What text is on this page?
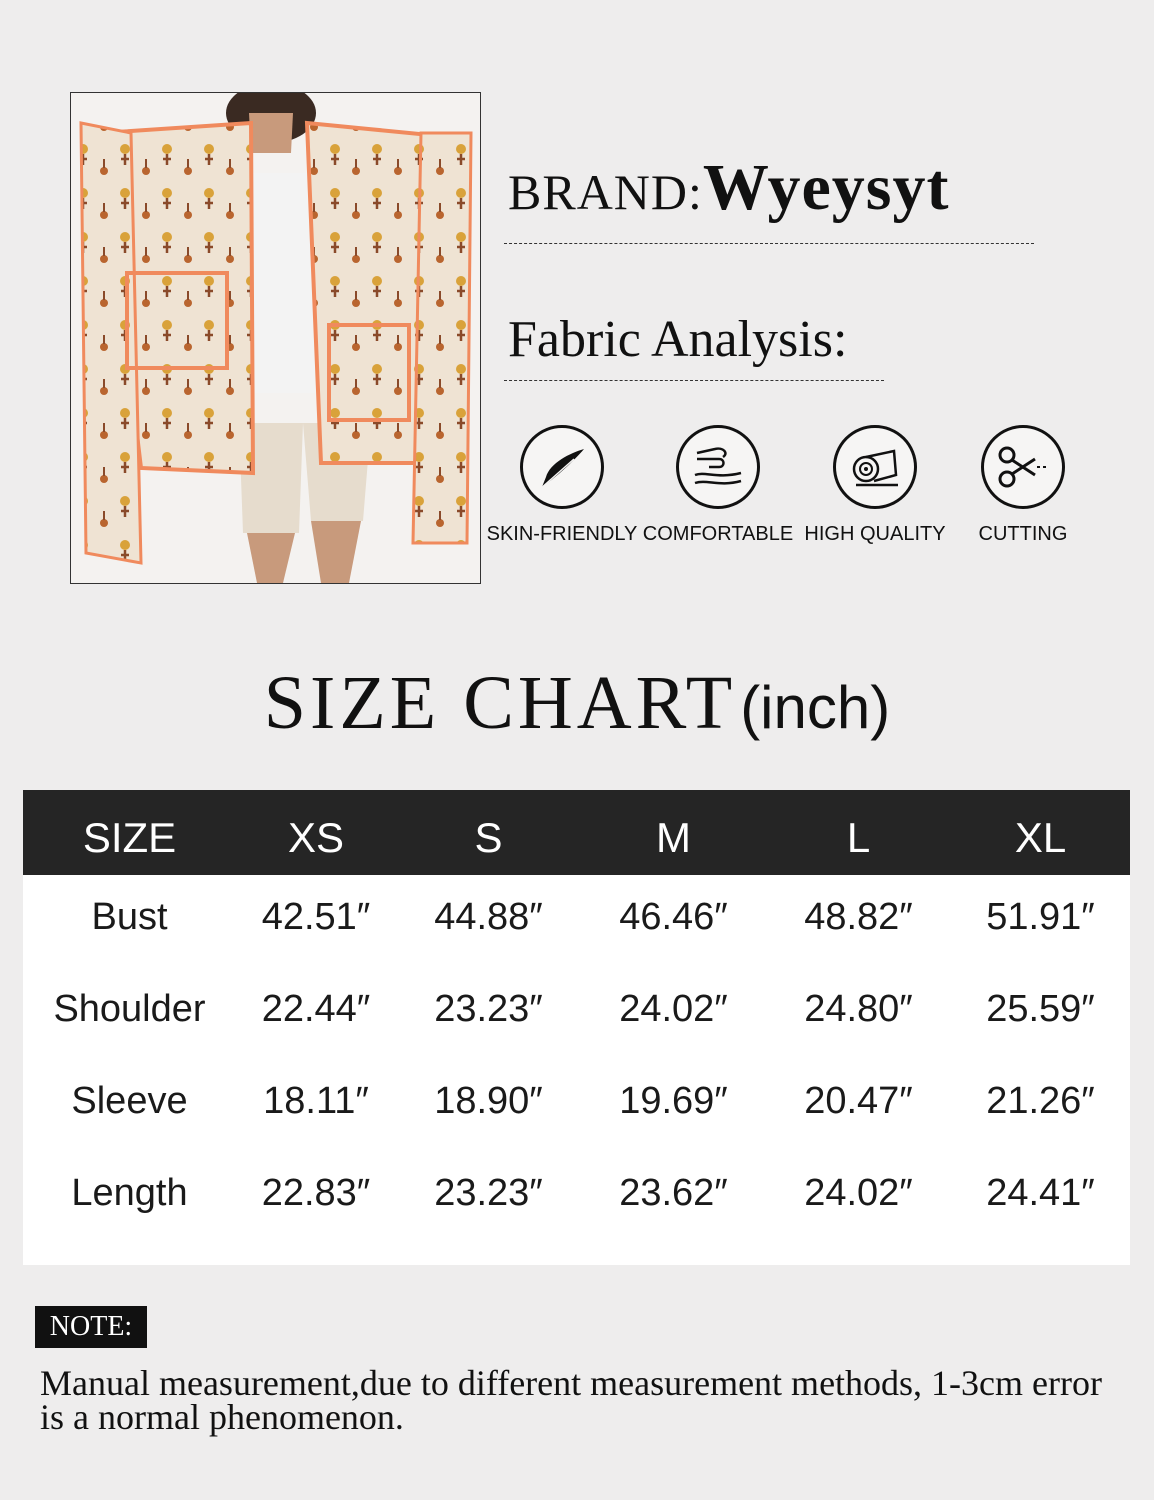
BRAND:Wyeysyt
Fabric Analysis:
SKIN-FRIENDLY COMFORTABLE HIGH QUALITY	CUTTING
SIZE CHART (inch)
SIZE	XS	S	M	L	XL
Bust	42.51″	44.88″	46.46″	48.82″	51.91″
Shoulder	22.44″	23.23″	24.02″	24.80″	25.59″
Sleeve	18.11″	18.90″	19.69″	20.47″	21.26″
Length	22.83″	23.23″	23.62″	24.02″	24.41″
NOTE:
Manual measurement,due to different measurement methods, 1-3cm error is a normal phenomenon.
